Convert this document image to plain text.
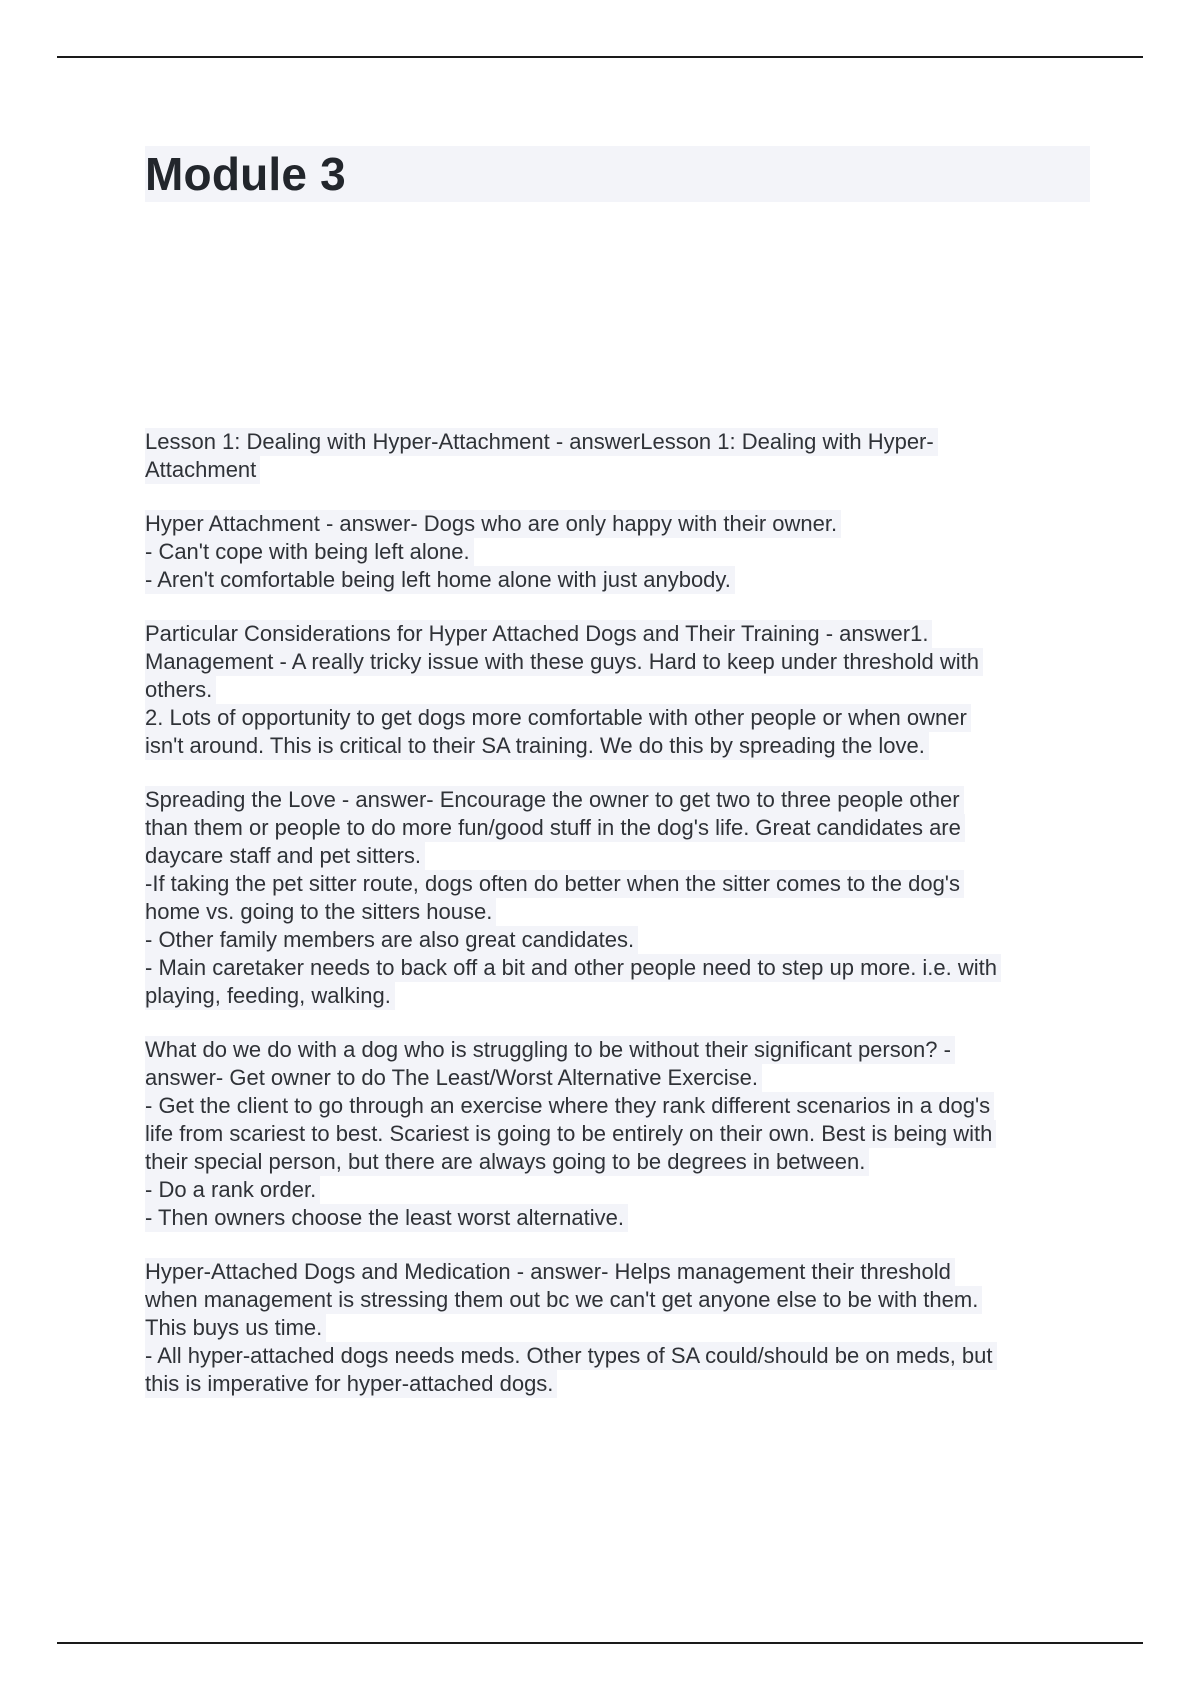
Module 3

Lesson 1: Dealing with Hyper-Attachment - answerLesson 1: Dealing with Hyper-
Attachment

Hyper Attachment - answer- Dogs who are only happy with their owner.
- Can't cope with being left alone.
- Aren't comfortable being left home alone with just anybody.

Particular Considerations for Hyper Attached Dogs and Their Training - answer1.
Management - A really tricky issue with these guys. Hard to keep under threshold with
others.
2. Lots of opportunity to get dogs more comfortable with other people or when owner
isn't around. This is critical to their SA training. We do this by spreading the love.

Spreading the Love - answer- Encourage the owner to get two to three people other
than them or people to do more fun/good stuff in the dog's life. Great candidates are
daycare staff and pet sitters.
-If taking the pet sitter route, dogs often do better when the sitter comes to the dog's
home vs. going to the sitters house.
- Other family members are also great candidates.
- Main caretaker needs to back off a bit and other people need to step up more. i.e. with
playing, feeding, walking.

What do we do with a dog who is struggling to be without their significant person? -
answer- Get owner to do The Least/Worst Alternative Exercise.
- Get the client to go through an exercise where they rank different scenarios in a dog's
life from scariest to best. Scariest is going to be entirely on their own. Best is being with
their special person, but there are always going to be degrees in between.
- Do a rank order.
- Then owners choose the least worst alternative.

Hyper-Attached Dogs and Medication - answer- Helps management their threshold
when management is stressing them out bc we can't get anyone else to be with them.
This buys us time.
- All hyper-attached dogs needs meds. Other types of SA could/should be on meds, but
this is imperative for hyper-attached dogs.
